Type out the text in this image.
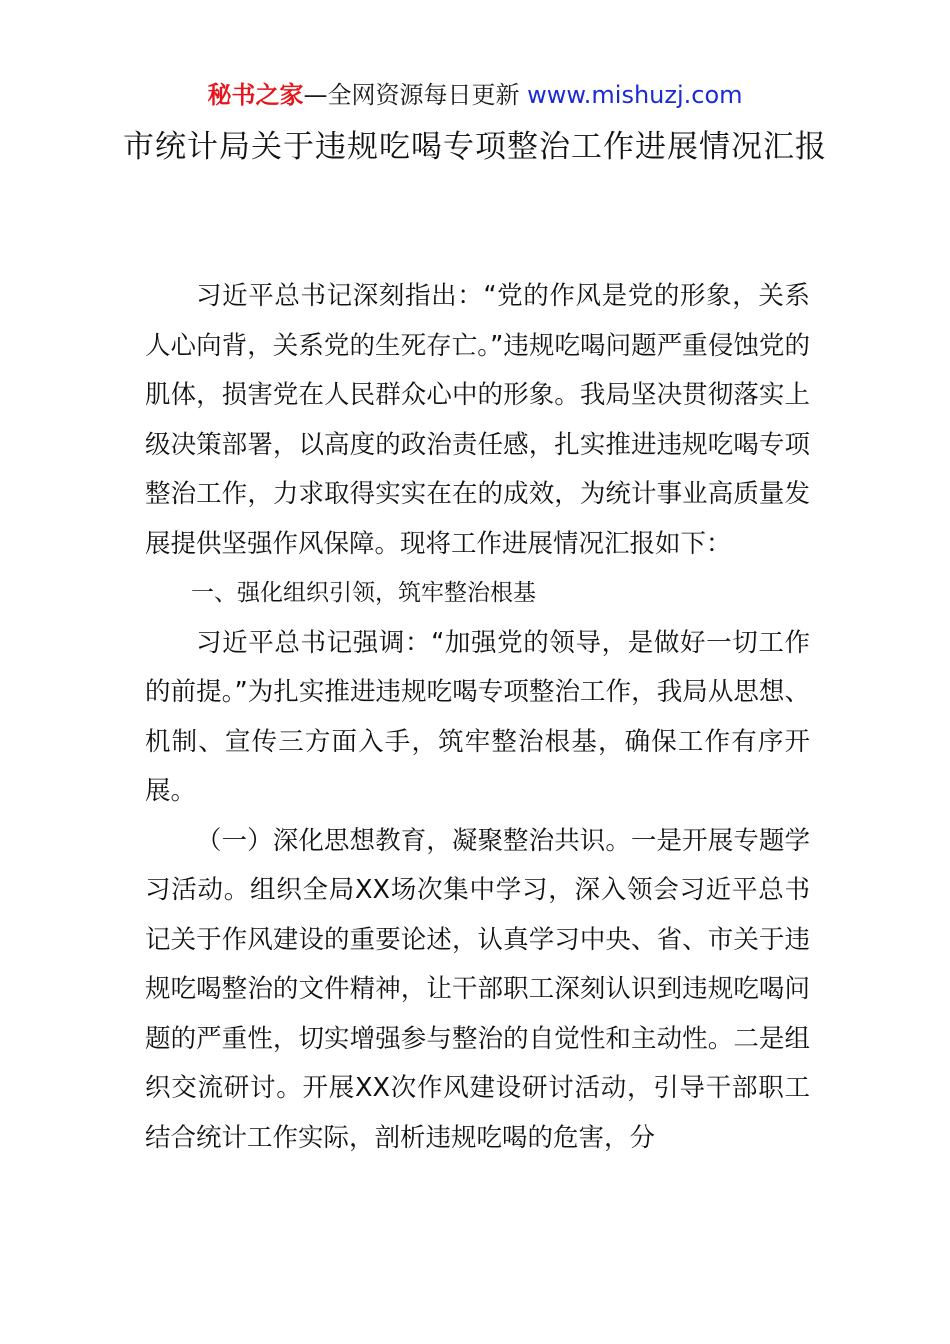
秘书之家—全网资源每日更新 www.mishuzj.com
市统计局关于违规吃喝专项整治工作进展情况汇报

习近平总书记深刻指出：“党的作风是党的形象，关系人心向背，关系党的生死存亡。”违规吃喝问题严重侵蚀党的肌体，损害党在人民群众心中的形象。我局坚决贯彻落实上级决策部署，以高度的政治责任感，扎实推进违规吃喝专项整治工作，力求取得实实在在的成效，为统计事业高质量发展提供坚强作风保障。现将工作进展情况汇报如下：

一、强化组织引领，筑牢整治根基

习近平总书记强调：“加强党的领导，是做好一切工作的前提。”为扎实推进违规吃喝专项整治工作，我局从思想、机制、宣传三方面入手，筑牢整治根基，确保工作有序开展。

（一）深化思想教育，凝聚整治共识。一是开展专题学习活动。组织全局XX场次集中学习，深入领会习近平总书记关于作风建设的重要论述，认真学习中央、省、市关于违规吃喝整治的文件精神，让干部职工深刻认识到违规吃喝问题的严重性，切实增强参与整治的自觉性和主动性。二是组织交流研讨。开展XX次作风建设研讨活动，引导干部职工结合统计工作实际，剖析违规吃喝的危害，分
